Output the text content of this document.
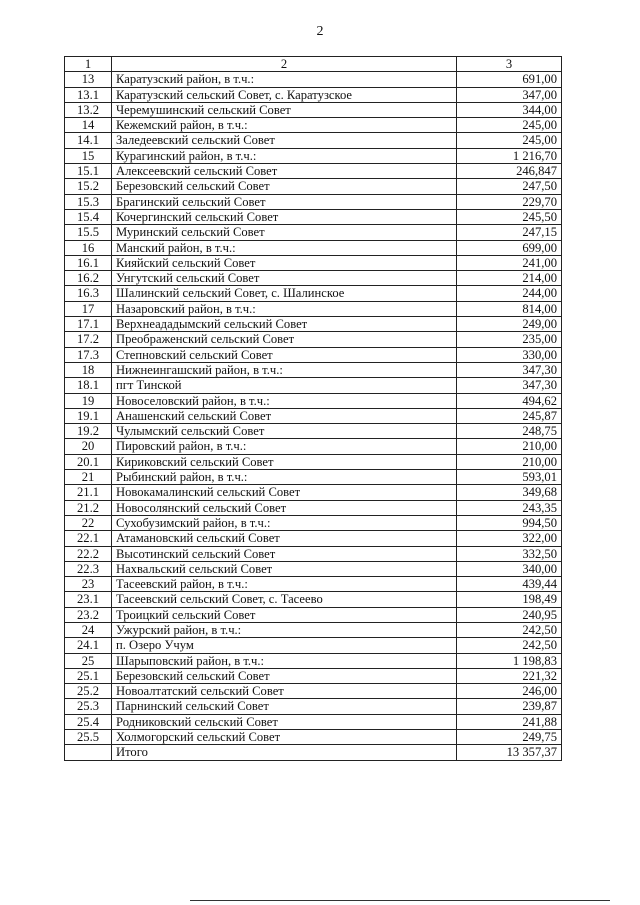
2
1	2	3
13	Каратузский район, в т.ч.:	691,00
13.1	Каратузский сельский Совет, с. Каратузское	347,00
13.2	Черемушинский сельский Совет	344,00
14	Кежемский район, в т.ч.:	245,00
14.1	Заледеевский сельский Совет	245,00
15	Курагинский район, в т.ч.:	1 216,70
15.1	Алексеевский сельский Совет	246,847
15.2	Березовский сельский Совет	247,50
15.3	Брагинский сельский Совет	229,70
15.4	Кочергинский сельский Совет	245,50
15.5	Муринский сельский Совет	247,15
16	Манский район, в т.ч.:	699,00
16.1	Кияйский сельский Совет	241,00
16.2	Унгутский сельский Совет	214,00
16.3	Шалинский сельский Совет, с. Шалинское	244,00
17	Назаровский район, в т.ч.:	814,00
17.1	Верхнеададымский сельский Совет	249,00
17.2	Преображенский сельский Совет	235,00
17.3	Степновский сельский Совет	330,00
18	Нижнеингашский район, в т.ч.:	347,30
18.1	пгт Тинской	347,30
19	Новоселовский район, в т.ч.:	494,62
19.1	Анашенский сельский Совет	245,87
19.2	Чулымский сельский Совет	248,75
20	Пировский район, в т.ч.:	210,00
20.1	Кириковский сельский Совет	210,00
21	Рыбинский район, в т.ч.:	593,01
21.1	Новокамалинский сельский Совет	349,68
21.2	Новосолянский сельский Совет	243,35
22	Сухобузимский район, в т.ч.:	994,50
22.1	Атамановский сельский Совет	322,00
22.2	Высотинский сельский Совет	332,50
22.3	Нахвальский сельский Совет	340,00
23	Тасеевский район, в т.ч.:	439,44
23.1	Тасеевский сельский Совет, с. Тасеево	198,49
23.2	Троицкий сельский Совет	240,95
24	Ужурский район, в т.ч.:	242,50
24.1	п. Озеро Учум	242,50
25	Шарыповский район, в т.ч.:	1 198,83
25.1	Березовский сельский Совет	221,32
25.2	Новоалтатский сельский Совет	246,00
25.3	Парнинский сельский Совет	239,87
25.4	Родниковский сельский Совет	241,88
25.5	Холмогорский сельский Совет	249,75
	Итого	13 357,37
